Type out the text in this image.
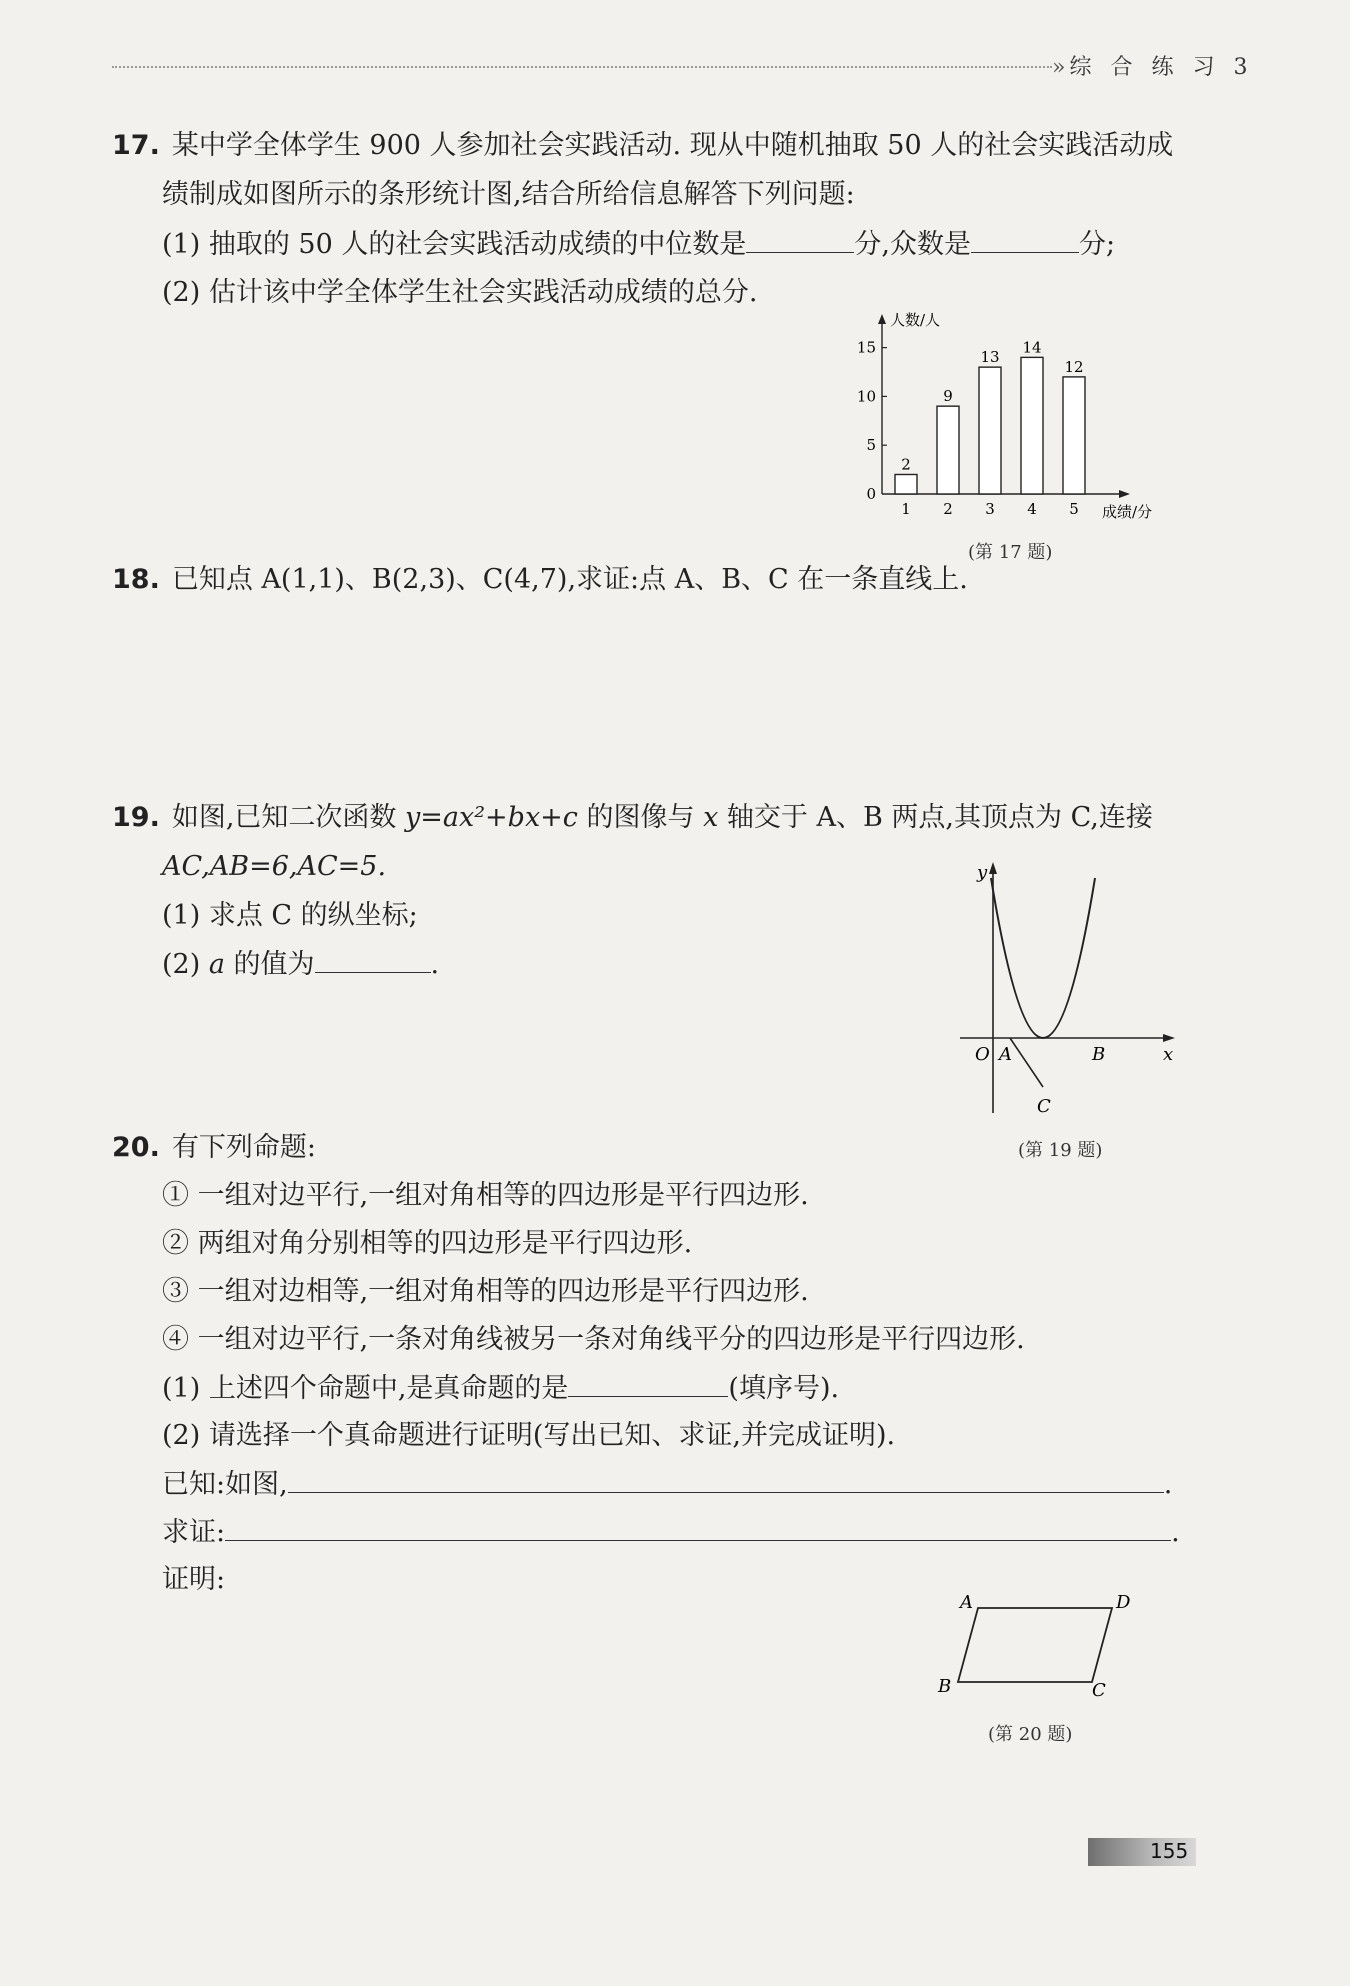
» 综 合 练 习 3
17. 某中学全体学生 900 人参加社会实践活动. 现从中随机抽取 50 人的社会实践活动成
绩制成如图所示的条形统计图,结合所给信息解答下列问题:
(1) 抽取的 50 人的社会实践活动成绩的中位数是	分,众数是	分;
(2) 估计该中学全体学生社会实践活动成绩的总分.
人数/人
成绩/分
0
5
10
15
2
1
9
2
13
3
14
4
12
5
(第 17 题)
18. 已知点 A(1,1)、B(2,3)、C(4,7),求证:点 A、B、C 在一条直线上.
19. 如图,已知二次函数 y=ax²+bx+c 的图像与 x 轴交于 A、B 两点,其顶点为 C,连接
AC,AB=6,AC=5.
(1) 求点 C 的纵坐标;
(2) a 的值为	.
y
x
O A	B
C
(第 19 题)
20. 有下列命题:
① 一组对边平行,一组对角相等的四边形是平行四边形.
② 两组对角分别相等的四边形是平行四边形.
③ 一组对边相等,一组对角相等的四边形是平行四边形.
④ 一组对边平行,一条对角线被另一条对角线平分的四边形是平行四边形.
(1) 上述四个命题中,是真命题的是	(填序号).
(2) 请选择一个真命题进行证明(写出已知、求证,并完成证明).
已知:如图,	.
求证:	.
证明:
A	D
B	C
(第 20 题)
155
